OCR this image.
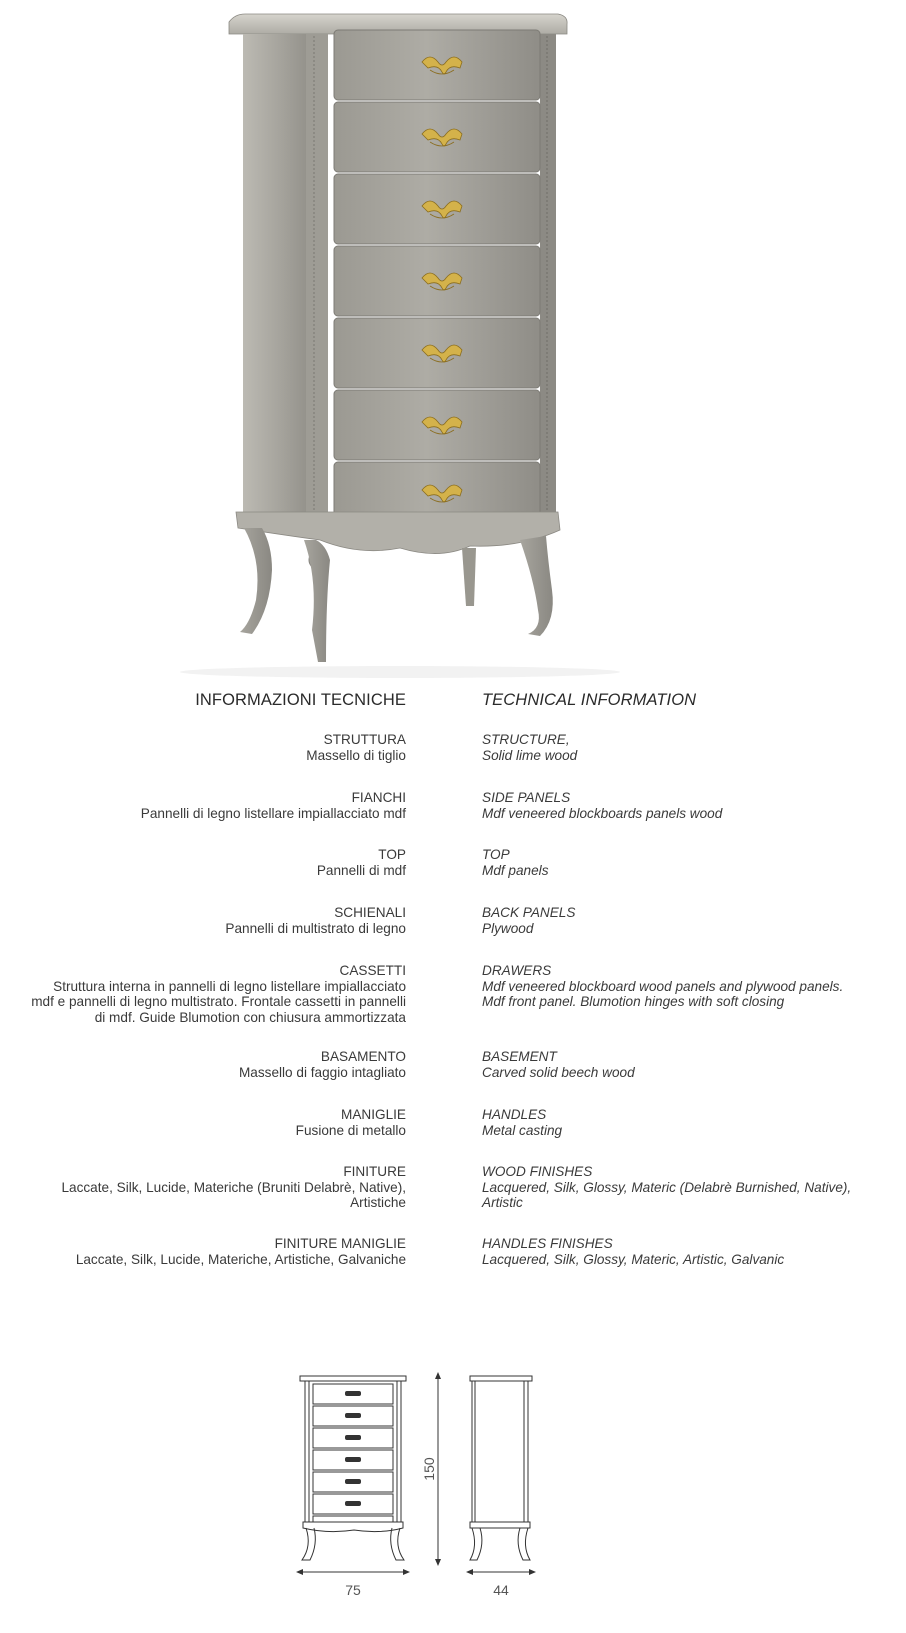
INFORMAZIONI TECNICHE	TECHNICAL INFORMATION
STRUTTURA
Massello di tiglio
STRUCTURE,
Solid lime wood
FIANCHI
Pannelli di legno listellare impiallacciato mdf
SIDE PANELS
Mdf veneered blockboards panels wood
TOP
Pannelli di mdf
TOP
Mdf panels
SCHIENALI
Pannelli di multistrato di legno
BACK PANELS
Plywood
CASSETTI
Struttura interna in pannelli di legno listellare impiallacciato
mdf e pannelli di legno multistrato. Frontale cassetti in pannelli
di mdf. Guide Blumotion con chiusura ammortizzata
DRAWERS
Mdf veneered blockboard wood panels and plywood panels.
Mdf front panel. Blumotion hinges with soft closing
BASAMENTO
Massello di faggio intagliato
BASEMENT
Carved solid beech wood
MANIGLIE
Fusione di metallo
HANDLES
Metal casting
FINITURE
Laccate, Silk, Lucide, Materiche (Bruniti Delabrè, Native),
Artistiche
WOOD FINISHES
Lacquered, Silk, Glossy, Materic (Delabrè Burnished, Native),
Artistic
FINITURE MANIGLIE
Laccate, Silk, Lucide, Materiche, Artistiche, Galvaniche
HANDLES FINISHES
Lacquered, Silk, Glossy, Materic, Artistic, Galvanic
150
75	44
